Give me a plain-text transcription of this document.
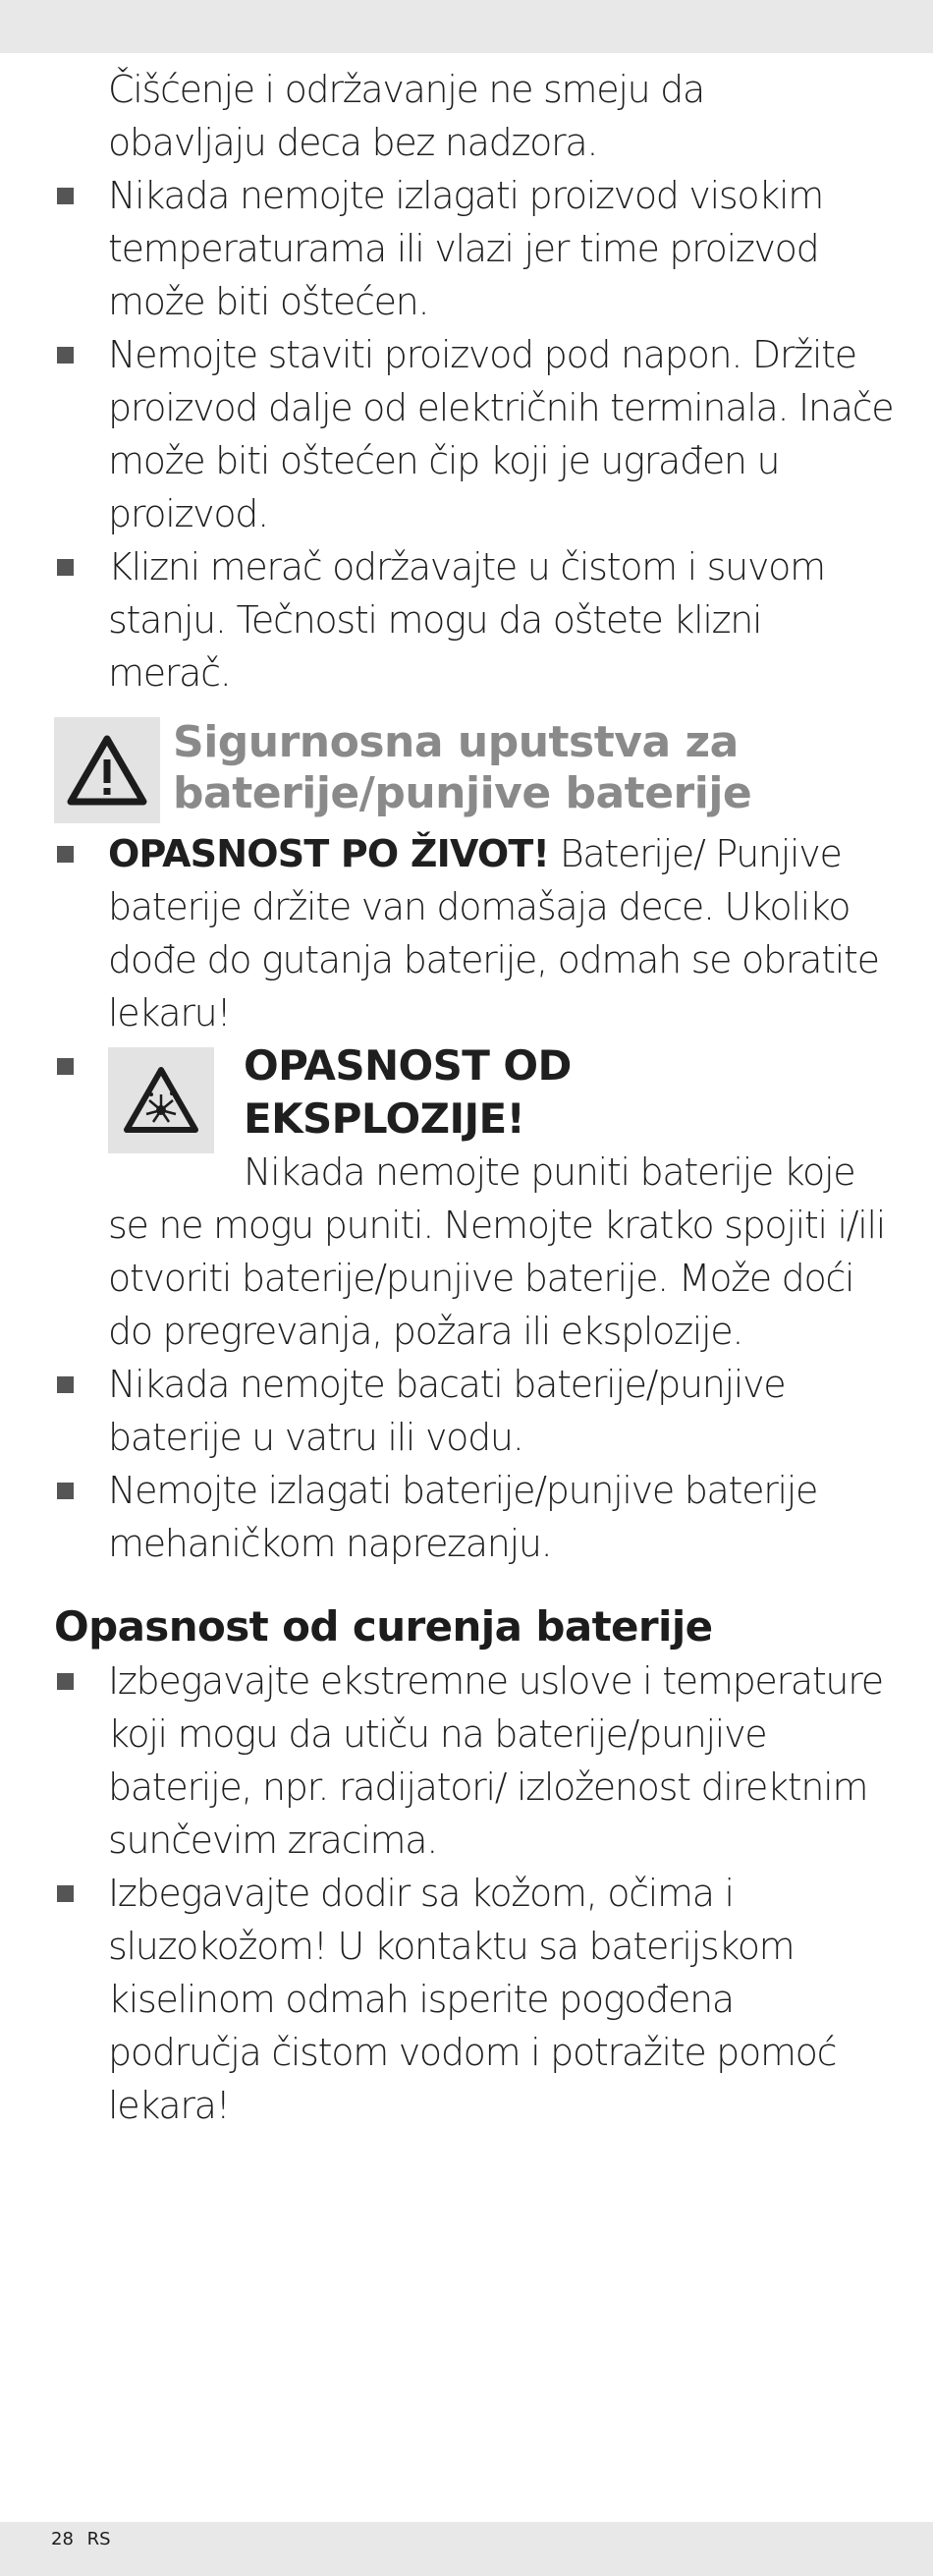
Čišćenje i održavanje ne smeju da
obavljaju deca bez nadzora.
Nikada nemojte izlagati proizvod visokim temperaturama ili vlazi jer time proizvod može biti oštećen.
Nemojte staviti proizvod pod napon. Držite proizvod dalje od električnih terminala. Inače može biti oštećen čip koji je ugrađen u proizvod.
Klizni merač održavajte u čistom i suvom stanju. Tečnosti mogu da oštete klizni merač.
Sigurnosna uputstva za
baterije/punjive baterije
OPASNOST PO ŽIVOT! Baterije/ Punjive baterije držite van domašaja dece. Ukoliko dođe do gutanja baterije, odmah se obratite lekaru!
OPASNOST OD
EKSPLOZIJE!
Nikada nemojte puniti baterije koje se ne mogu puniti. Nemojte kratko spojiti i/ili otvoriti baterije/punjive baterije. Može doći do pregrevanja, požara ili eksplozije.
Nikada nemojte bacati baterije/punjive baterije u vatru ili vodu.
Nemojte izlagati baterije/punjive baterije mehaničkom naprezanju.
Opasnost od curenja baterije
Izbegavajte ekstremne uslove i temperature koji mogu da utiču na baterije/punjive baterije, npr. radijatori/ izloženost direktnim sunčevim zracima.
Izbegavajte dodir sa kožom, očima i sluzokožom! U kontaktu sa baterijskom kiselinom odmah isperite pogođena područja čistom vodom i potražite pomoć lekara!
28 RS
